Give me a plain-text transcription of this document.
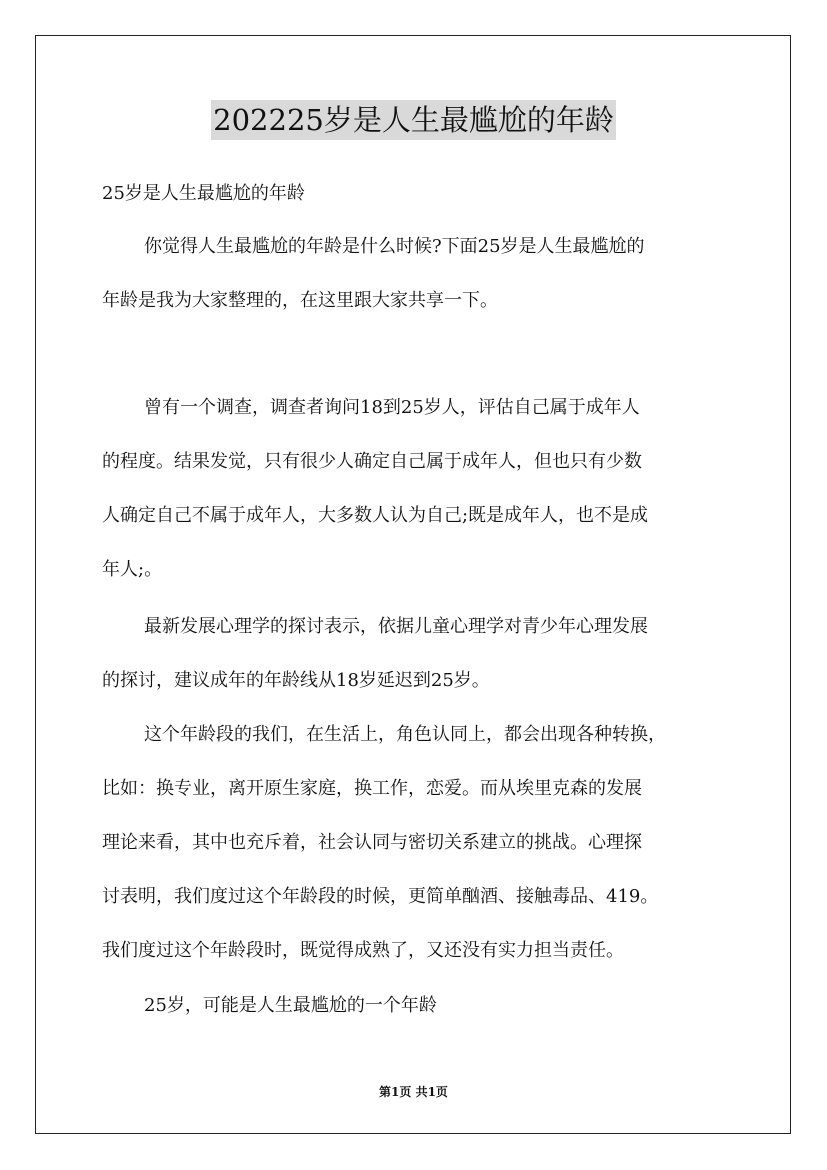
202225岁是人生最尴尬的年龄
25岁是人生最尴尬的年龄
你觉得人生最尴尬的年龄是什么时候?下面25岁是人生最尴尬的
年龄是我为大家整理的，在这里跟大家共享一下。
曾有一个调查，调查者询问18到25岁人，评估自己属于成年人
的程度。结果发觉，只有很少人确定自己属于成年人，但也只有少数
人确定自己不属于成年人，大多数人认为自己;既是成年人，也不是成
年人;。
最新发展心理学的探讨表示，依据儿童心理学对青少年心理发展
的探讨，建议成年的年龄线从18岁延迟到25岁。
这个年龄段的我们，在生活上，角色认同上，都会出现各种转换，
比如：换专业，离开原生家庭，换工作，恋爱。而从埃里克森的发展
理论来看，其中也充斥着，社会认同与密切关系建立的挑战。心理探
讨表明，我们度过这个年龄段的时候，更简单酗酒、接触毒品、419。
我们度过这个年龄段时，既觉得成熟了，又还没有实力担当责任。
25岁，可能是人生最尴尬的一个年龄
第1页 共1页
